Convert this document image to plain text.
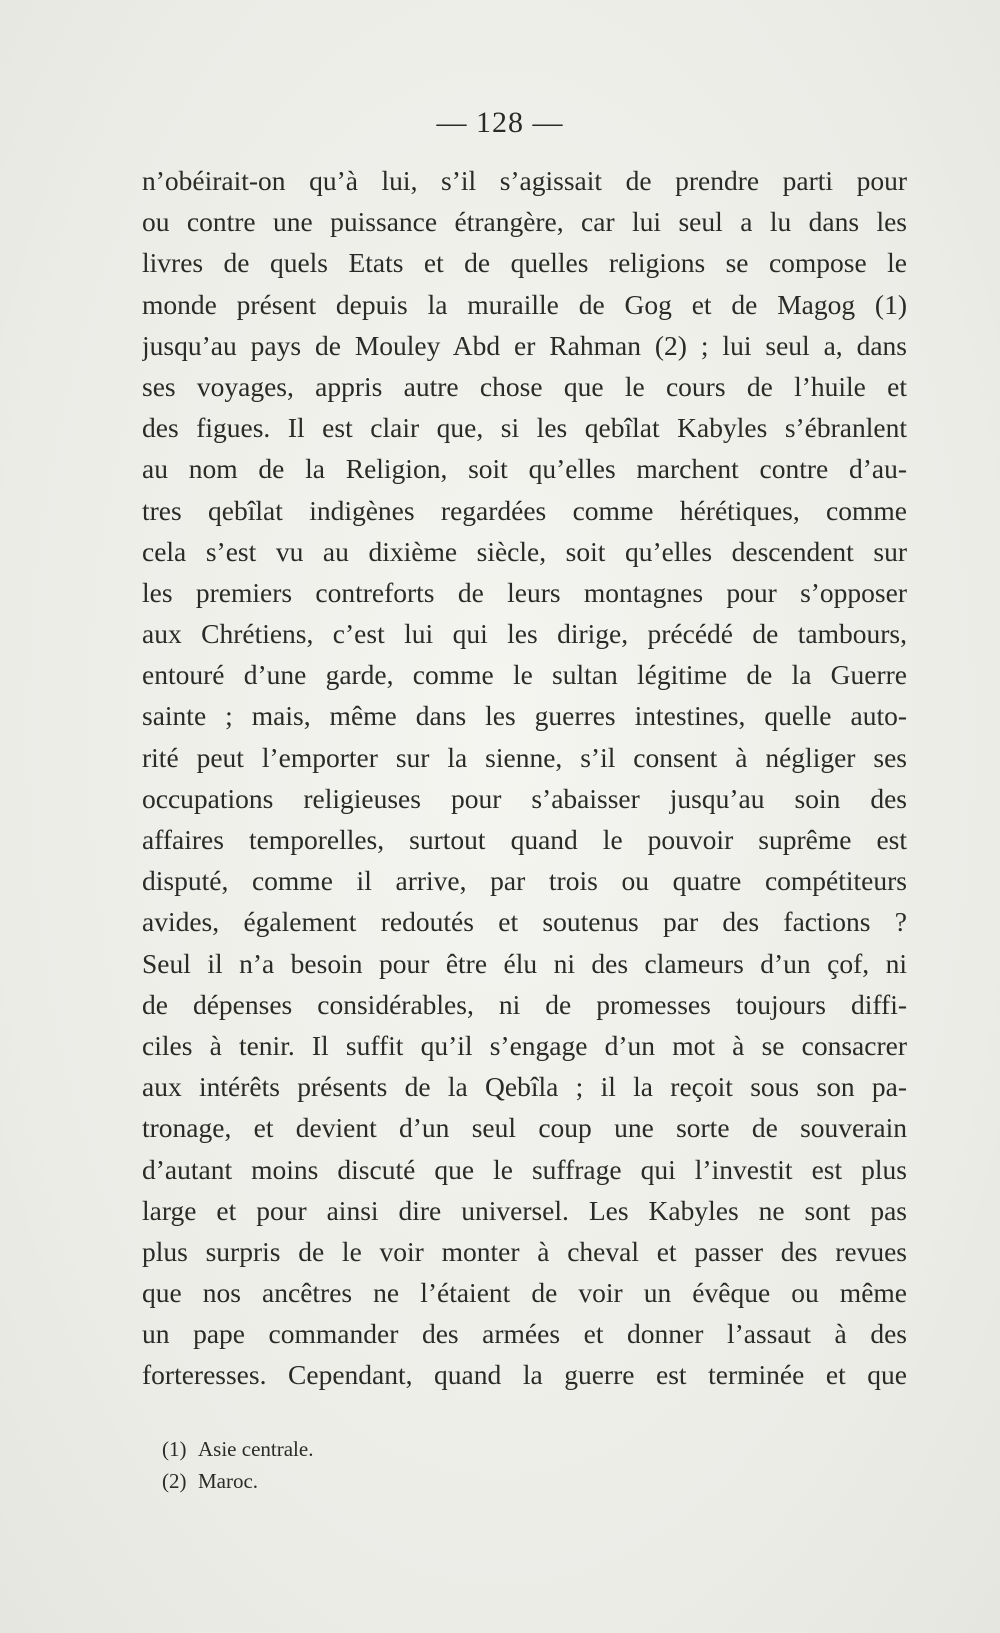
— 128 —
n’obéirait-on qu’à lui, s’il s’agissait de prendre parti pour
ou contre une puissance étrangère, car lui seul a lu dans les
livres de quels Etats et de quelles religions se compose le
monde présent depuis la muraille de Gog et de Magog (1)
jusqu’au pays de Mouley Abd er Rahman (2) ; lui seul a, dans
ses voyages, appris autre chose que le cours de l’huile et
des figues. Il est clair que, si les qebîlat Kabyles s’ébranlent
au nom de la Religion, soit qu’elles marchent contre d’au-
tres qebîlat indigènes regardées comme hérétiques, comme
cela s’est vu au dixième siècle, soit qu’elles descendent sur
les premiers contreforts de leurs montagnes pour s’opposer
aux Chrétiens, c’est lui qui les dirige, précédé de tambours,
entouré d’une garde, comme le sultan légitime de la Guerre
sainte ; mais, même dans les guerres intestines, quelle auto-
rité peut l’emporter sur la sienne, s’il consent à négliger ses
occupations religieuses pour s’abaisser jusqu’au soin des
affaires temporelles, surtout quand le pouvoir suprême est
disputé, comme il arrive, par trois ou quatre compétiteurs
avides, également redoutés et soutenus par des factions ?
Seul il n’a besoin pour être élu ni des clameurs d’un çof, ni
de dépenses considérables, ni de promesses toujours diffi-
ciles à tenir. Il suffit qu’il s’engage d’un mot à se consacrer
aux intérêts présents de la Qebîla ; il la reçoit sous son pa-
tronage, et devient d’un seul coup une sorte de souverain
d’autant moins discuté que le suffrage qui l’investit est plus
large et pour ainsi dire universel. Les Kabyles ne sont pas
plus surpris de le voir monter à cheval et passer des revues
que nos ancêtres ne l’étaient de voir un évêque ou même
un pape commander des armées et donner l’assaut à des
forteresses. Cependant, quand la guerre est terminée et que
(1) Asie centrale.
(2) Maroc.
